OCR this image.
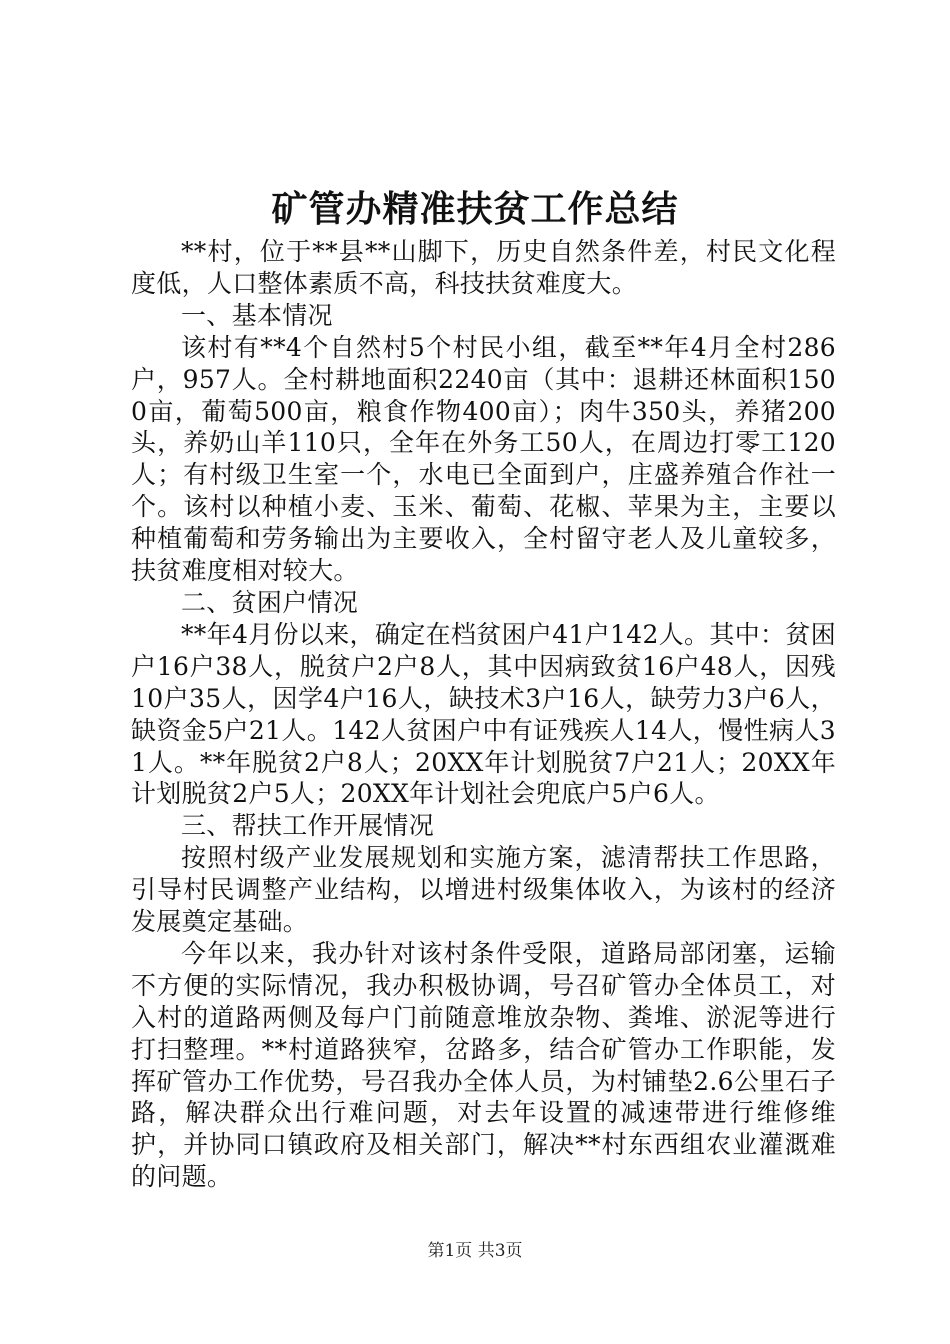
矿管办精准扶贫工作总结

**村，位于**县**山脚下，历史自然条件差，村民文化程度低，人口整体素质不高，科技扶贫难度大。

一、基本情况

该村有**4个自然村5个村民小组，截至**年4月全村286户，957人。全村耕地面积2240亩（其中：退耕还林面积1500亩，葡萄500亩，粮食作物400亩）；肉牛350头，养猪200头，养奶山羊110只，全年在外务工50人，在周边打零工120人；有村级卫生室一个，水电已全面到户，庄盛养殖合作社一个。该村以种植小麦、玉米、葡萄、花椒、苹果为主，主要以种植葡萄和劳务输出为主要收入，全村留守老人及儿童较多，扶贫难度相对较大。

二、贫困户情况

**年4月份以来，确定在档贫困户41户142人。其中：贫困户16户38人，脱贫户2户8人，其中因病致贫16户48人，因残10户35人，因学4户16人，缺技术3户16人，缺劳力3户6人，缺资金5户21人。142人贫困户中有证残疾人14人，慢性病人31人。**年脱贫2户8人；20XX年计划脱贫7户21人；20XX年计划脱贫2户5人；20XX年计划社会兜底户5户6人。

三、帮扶工作开展情况

按照村级产业发展规划和实施方案，滤清帮扶工作思路，引导村民调整产业结构，以增进村级集体收入，为该村的经济发展奠定基础。

今年以来，我办针对该村条件受限，道路局部闭塞，运输不方便的实际情况，我办积极协调，号召矿管办全体员工，对入村的道路两侧及每户门前随意堆放杂物、粪堆、淤泥等进行打扫整理。**村道路狭窄，岔路多，结合矿管办工作职能，发挥矿管办工作优势，号召我办全体人员，为村铺垫2.6公里石子路，解决群众出行难问题，对去年设置的减速带进行维修维护，并协同口镇政府及相关部门，解决**村东西组农业灌溉难的问题。

第1页 共3页
